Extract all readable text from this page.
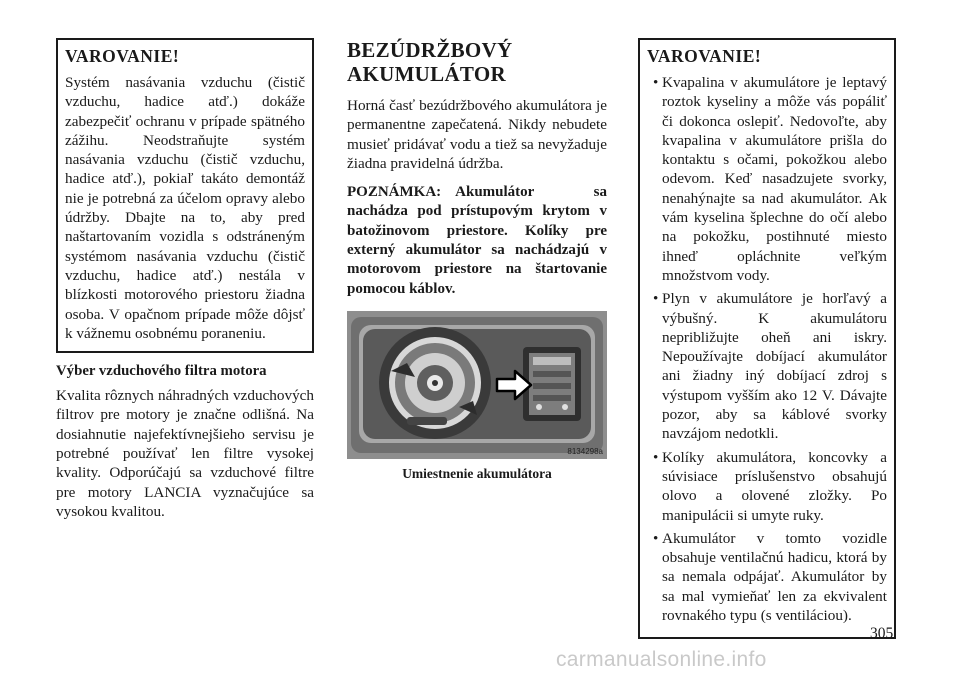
VAROVANIE!

Systém nasávania vzduchu (čistič vzduchu, hadice atď.) dokáže zabezpečiť ochranu v prípade spätného zážihu. Neodstraňujte systém nasávania vzduchu (čistič vzduchu, hadice atď.), pokiaľ takáto demontáž nie je potrebná za účelom opravy alebo údržby. Dbajte na to, aby pred naštartovaním vozidla s odstráneným systémom nasávania vzduchu (čistič vzduchu, hadice atď.) nestála v blízkosti motorového priestoru žiadna osoba. V opačnom prípade môže dôjsť k vážnemu osobnému poraneniu.

Výber vzduchového filtra motora

Kvalita rôznych náhradných vzduchových filtrov pre motory je značne odlišná. Na dosiahnutie najefektívnejšieho servisu je potrebné používať len filtre vysokej kvality. Odporúčajú sa vzduchové filtre pre motory LANCIA vyznačujúce sa vysokou kvalitou.

BEZÚDRŽBOVÝ AKUMULÁTOR

Horná časť bezúdržbového akumulátora je permanentne zapečatená. Nikdy nebudete musieť pridávať vodu a tiež sa nevyžaduje žiadna pravidelná údržba.

POZNÁMKA: Akumulátor sa nachádza pod prístupovým krytom v batožinovom priestore. Kolíky pre externý akumulátor sa nachádzajú v motorovom priestore na štartovanie pomocou káblov.

8134298a
Umiestnenie akumulátora

VAROVANIE!

• Kvapalina v akumulátore je leptavý roztok kyseliny a môže vás popáliť či dokonca oslepiť. Nedovoľte, aby kvapalina v akumulátore prišla do kontaktu s očami, pokožkou alebo odevom. Keď nasadzujete svorky, nenahýnajte sa nad akumulátor. Ak vám kyselina šplechne do očí alebo na pokožku, postihnuté miesto ihneď opláchnite veľkým množstvom vody.
• Plyn v akumulátore je horľavý a výbušný. K akumulátoru nepribližujte oheň ani iskry. Nepoužívajte dobíjací akumulátor ani žiadny iný dobíjací zdroj s výstupom vyšším ako 12 V. Dávajte pozor, aby sa káblové svorky navzájom nedotkli.
• Kolíky akumulátora, koncovky a súvisiace príslušenstvo obsahujú olovo a olovené zložky. Po manipulácii si umyte ruky.
• Akumulátor v tomto vozidle obsahuje ventilačnú hadicu, ktorá by sa nemala odpájať. Akumulátor by sa mal vymieňať len za ekvivalent rovnakého typu (s ventiláciou).
305
carmanualsonline.info
